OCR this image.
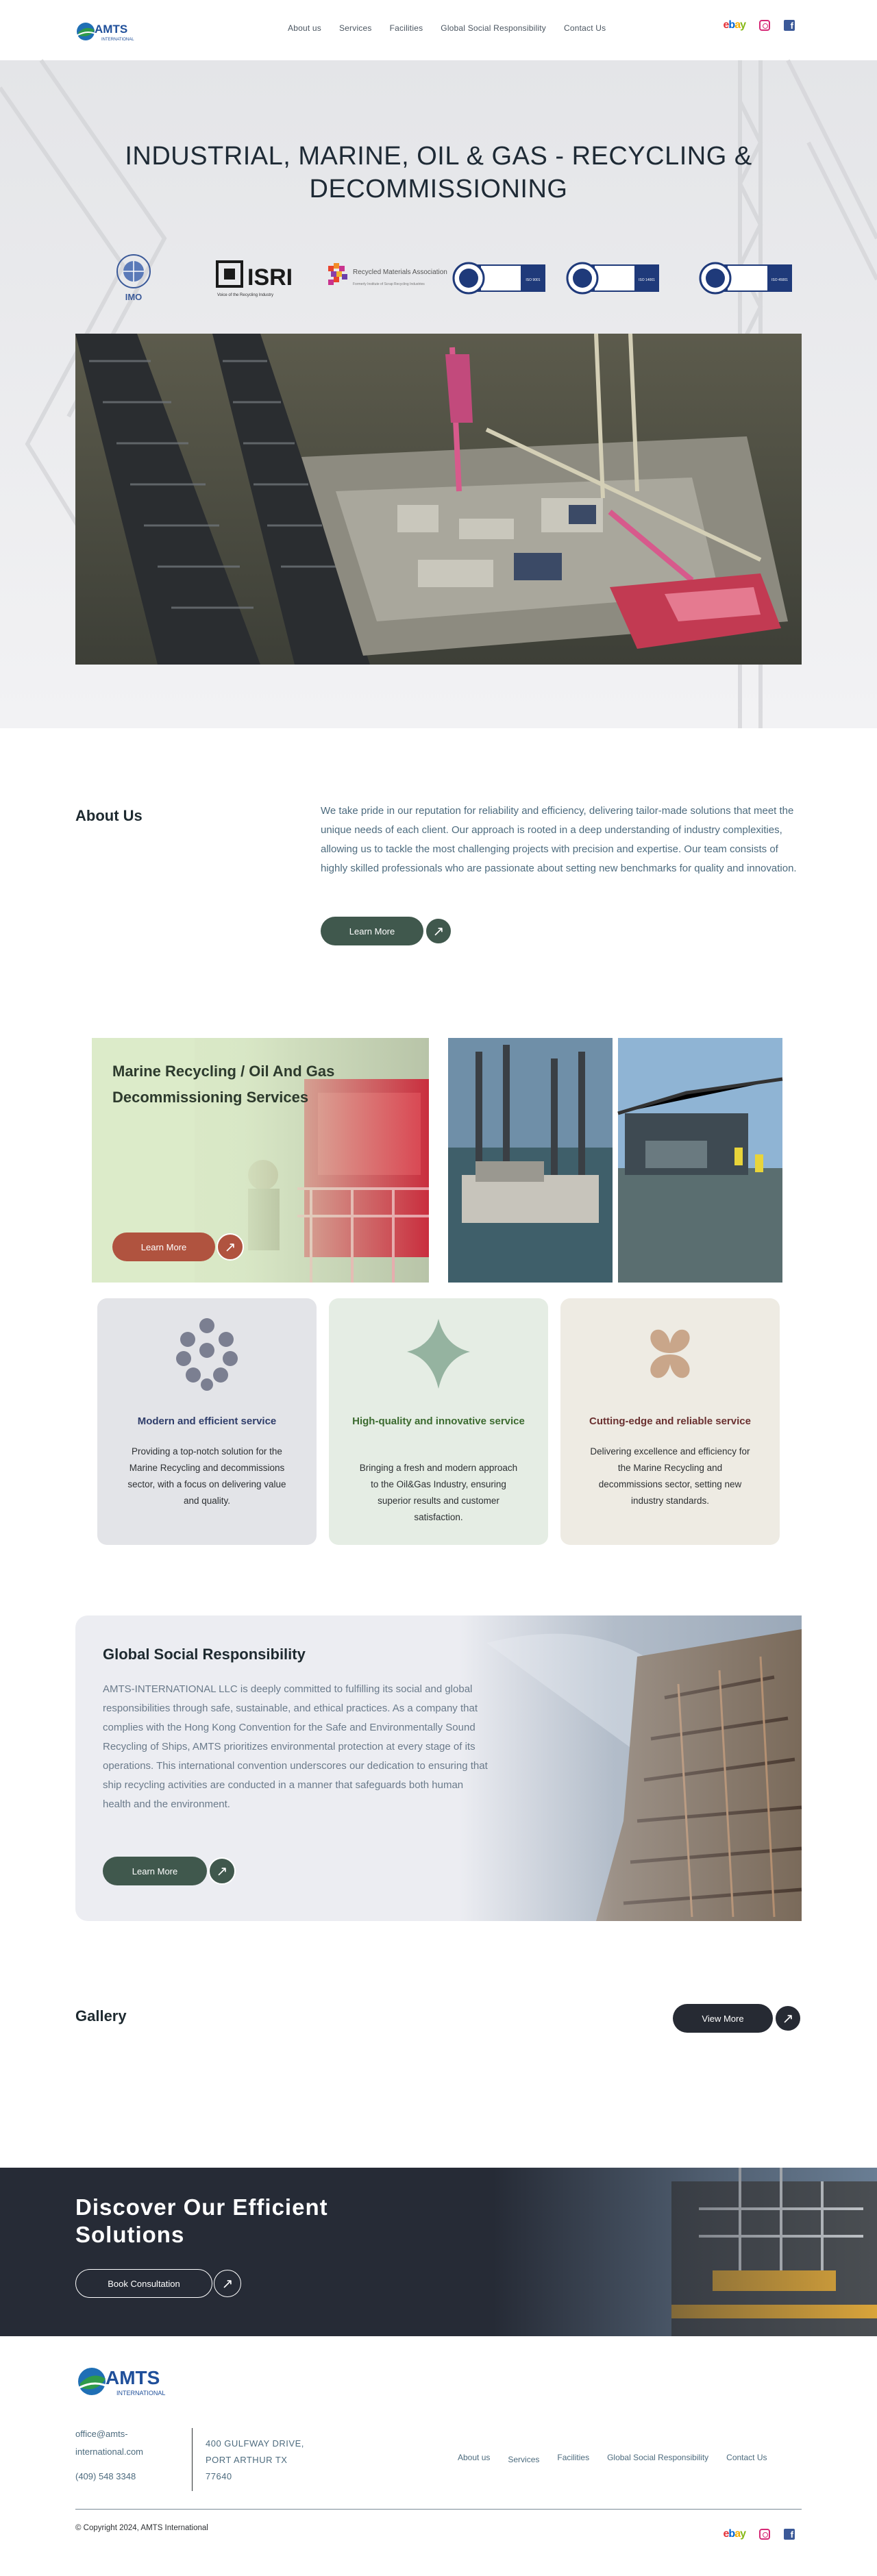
AMTS
INTERNATIONAL
About us Services Facilities Global Social Responsibility Contact Us	ebay	f
INDUSTRIAL, MARINE, OIL & GAS - RECYCLING & DECOMMISSIONING
IMO
ISRI
Voice of the Recycling Industry
Recycled Materials Association
Formerly Institute of Scrap Recycling Industries
ISO 9001	ISO 14001	ISO 45001
About Us	We take pride in our reputation for reliability and efficiency, delivering tailor-made solutions that meet the unique needs of each client. Our approach is rooted in a deep understanding of industry complexities, allowing us to tackle the most challenging projects with precision and expertise. Our team consists of highly skilled professionals who are passionate about setting new benchmarks for quality and innovation.

Learn More	↗
Marine Recycling / Oil And Gas Decommissioning Services
Learn More	↗
Modern and efficient service

Providing a top-notch solution for the Marine Recycling and decommissions sector, with a focus on delivering value and quality.

High-quality and innovative service

Bringing a fresh and modern approach to the Oil&Gas Industry, ensuring superior results and customer satisfaction.

Cutting-edge and reliable service

Delivering excellence and efficiency for the Marine Recycling and decommissions sector, setting new industry standards.

Global Social Responsibility

AMTS-INTERNATIONAL LLC is deeply committed to fulfilling its social and global responsibilities through safe, sustainable, and ethical practices. As a company that complies with the Hong Kong Convention for the Safe and Environmentally Sound Recycling of Ships, AMTS prioritizes environmental protection at every stage of its operations. This international convention underscores our dedication to ensuring that ship recycling activities are conducted in a manner that safeguards both human health and the environment.

Learn More	↗
Gallery	View More	↗
Discover Our Efficient Solutions
Book Consultation	↗
AMTS
INTERNATIONAL
office@amts-international.com
(409) 548 3348
400 GULFWAY DRIVE, PORT ARTHUR TX 77640
About us Services Facilities Global Social Responsibility Contact Us
© Copyright 2024, AMTS International	ebay	f
